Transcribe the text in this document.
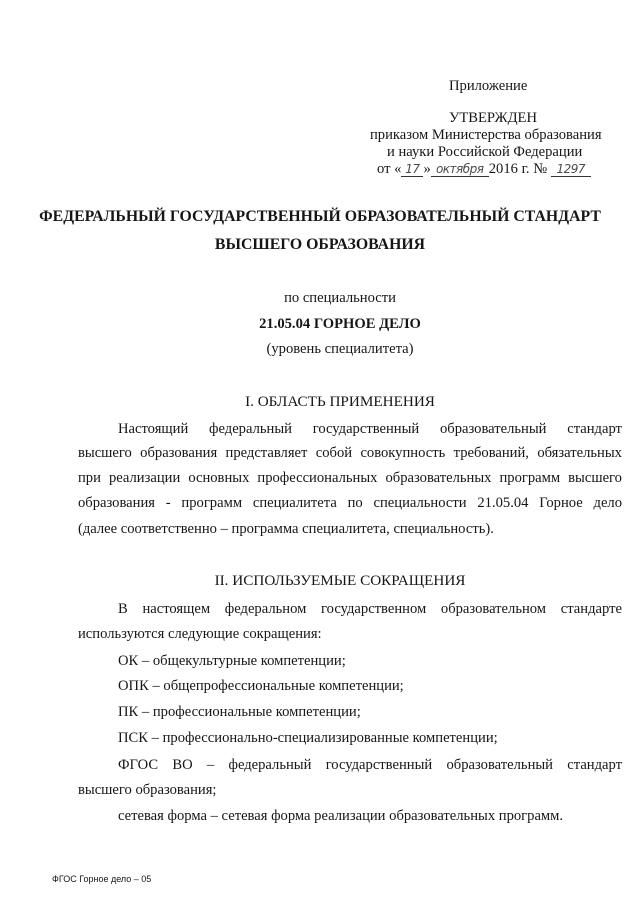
Приложение
УТВЕРЖДЕН
приказом Министерства образования
и науки Российской Федерации
от « 17 » октября 2016 г. № 1297
ФЕДЕРАЛЬНЫЙ ГОСУДАРСТВЕННЫЙ ОБРАЗОВАТЕЛЬНЫЙ СТАНДАРТ
ВЫСШЕГО ОБРАЗОВАНИЯ
по специальности
21.05.04 ГОРНОЕ ДЕЛО
(уровень специалитета)
I. ОБЛАСТЬ ПРИМЕНЕНИЯ
Настоящий федеральный государственный образовательный стандарт
высшего образования представляет собой совокупность требований, обязательных
при реализации основных профессиональных образовательных программ высшего
образования - программ специалитета по специальности 21.05.04 Горное дело
(далее соответственно – программа специалитета, специальность).
II. ИСПОЛЬЗУЕМЫЕ СОКРАЩЕНИЯ
В настоящем федеральном государственном образовательном стандарте
используются следующие сокращения:
ОК – общекультурные компетенции;
ОПК – общепрофессиональные компетенции;
ПК – профессиональные компетенции;
ПСК – профессионально-специализированные компетенции;
ФГОС ВО – федеральный государственный образовательный стандарт
высшего образования;
сетевая форма – сетевая форма реализации образовательных программ.
ФГОС Горное дело – 05
